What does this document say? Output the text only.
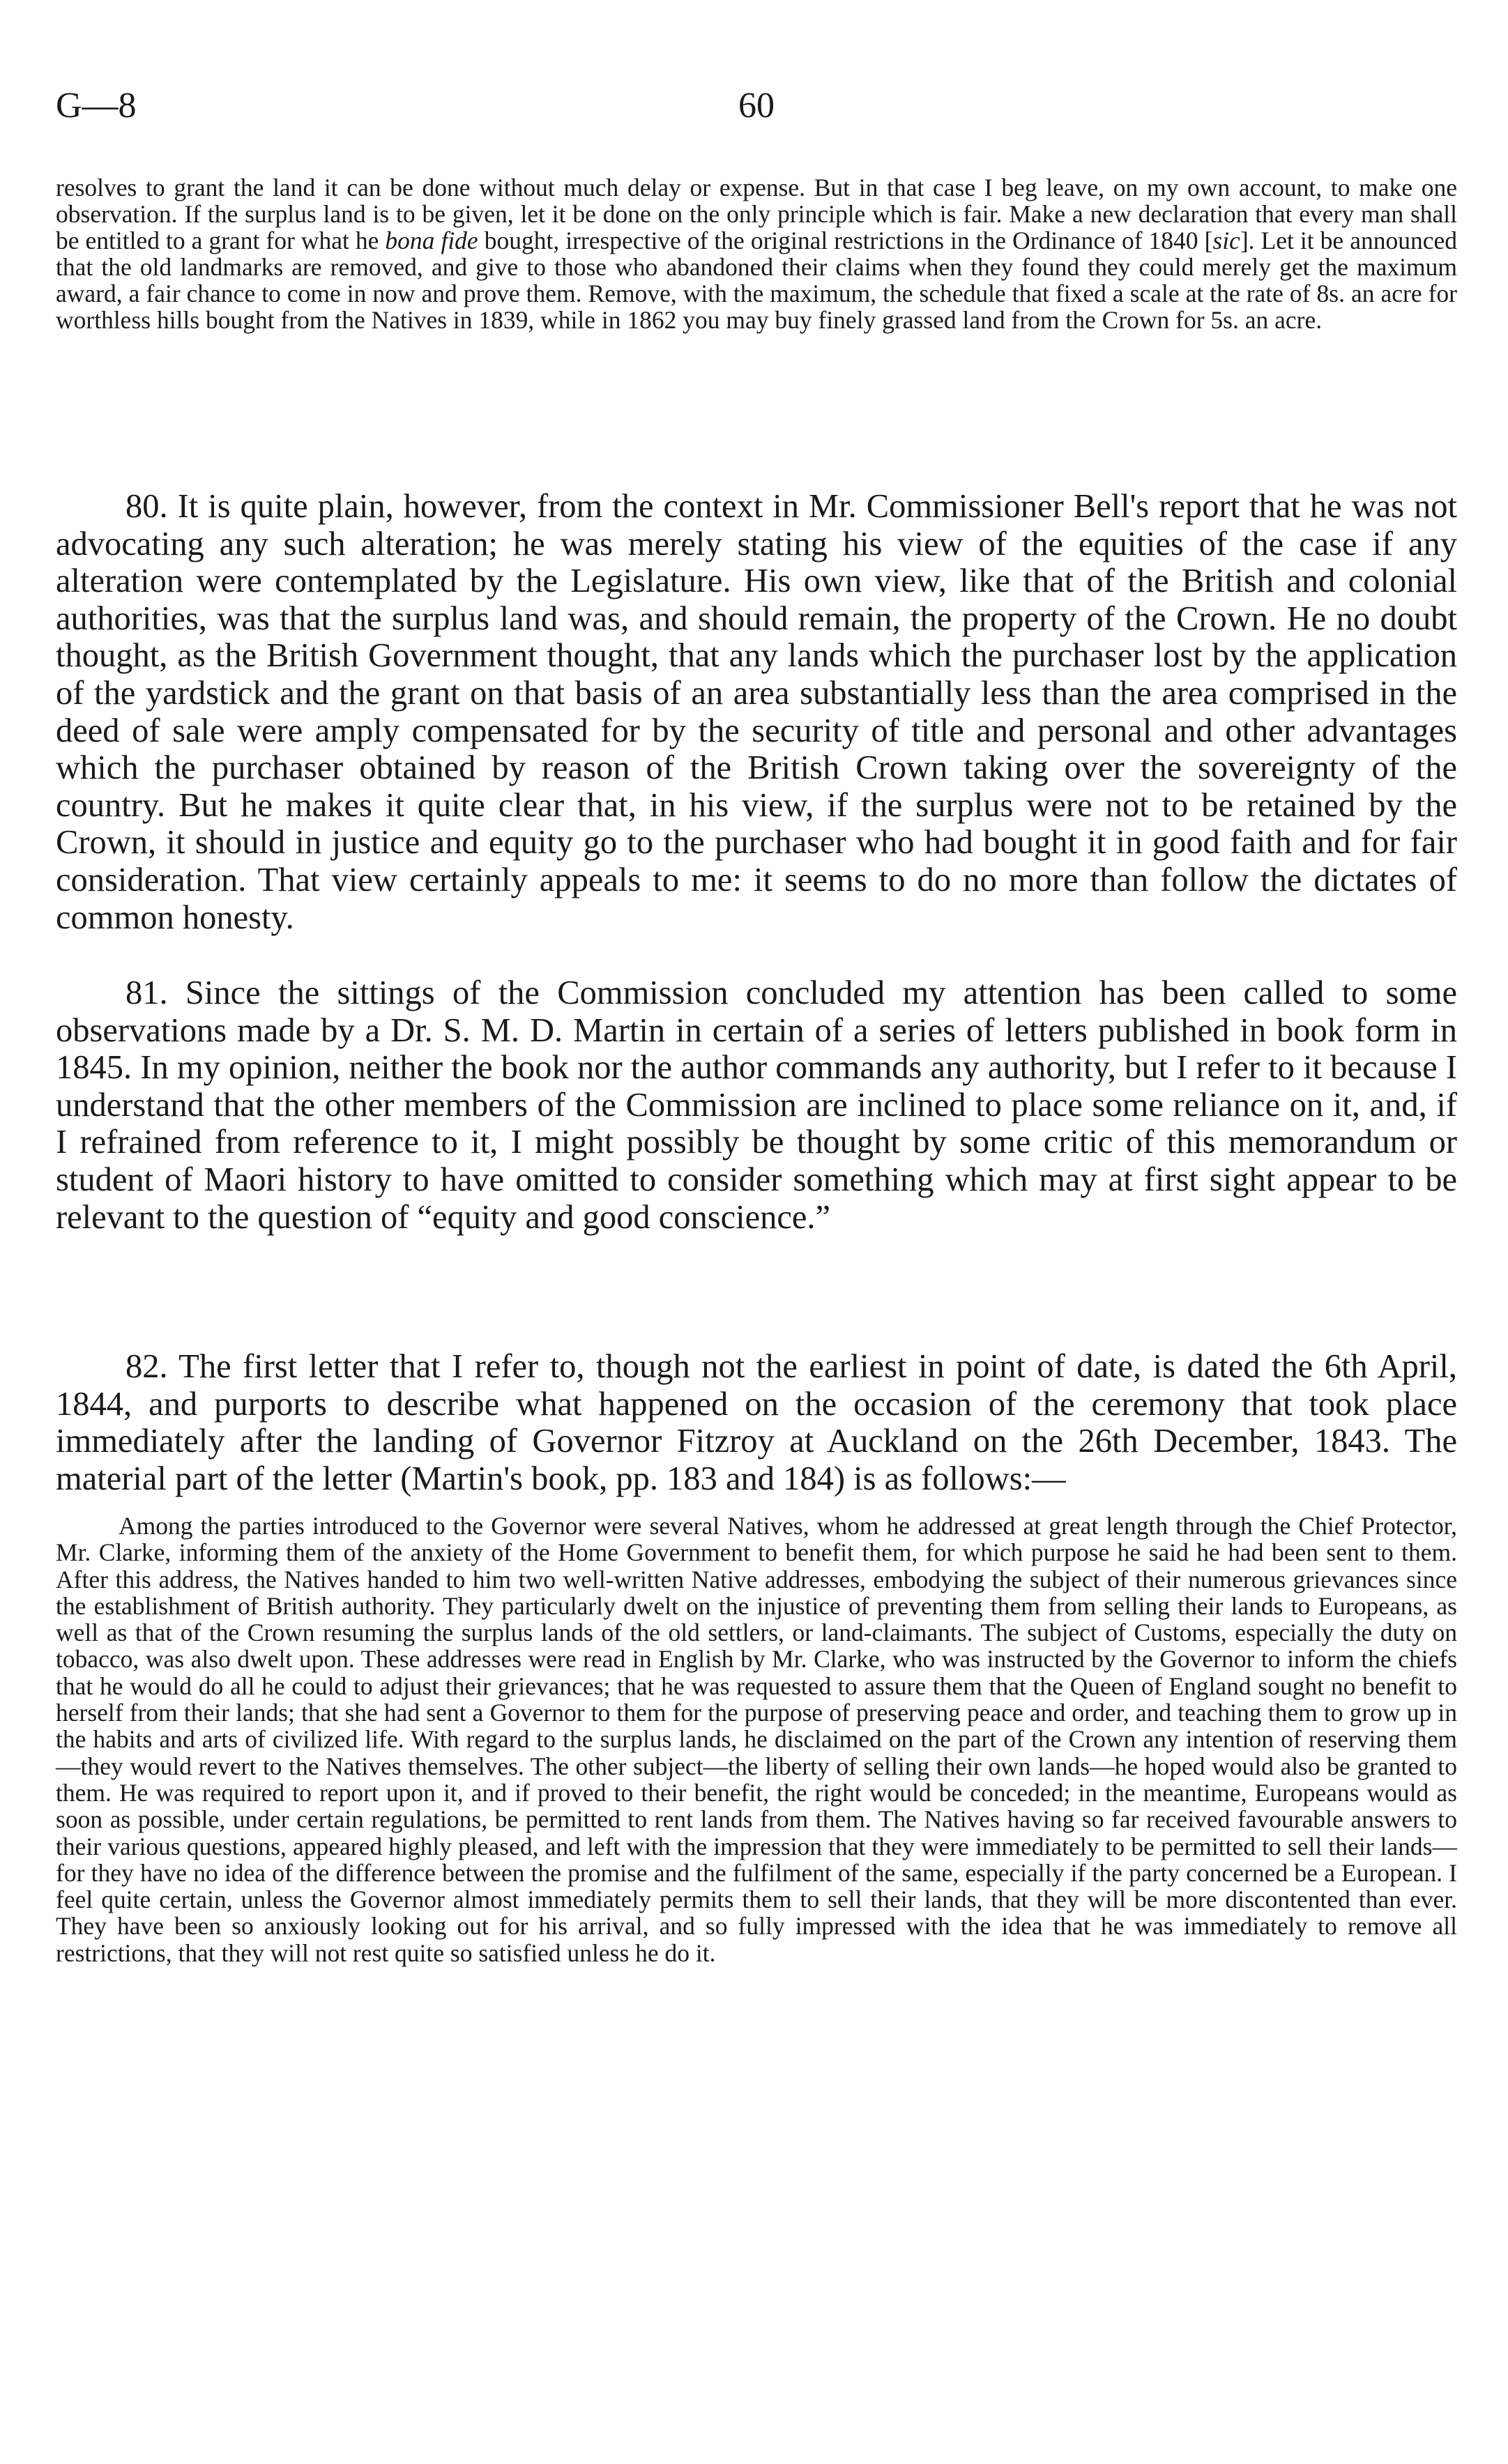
G—8	60

resolves to grant the land it can be done without much delay or expense. But in that case I beg leave, on my own account, to make one observation. If the surplus land is to be given, let it be done on the only principle which is fair. Make a new declaration that every man shall be entitled to a grant for what he bona fide bought, irrespective of the original restrictions in the Ordinance of 1840 [sic]. Let it be announced that the old landmarks are removed, and give to those who abandoned their claims when they found they could merely get the maximum award, a fair chance to come in now and prove them. Remove, with the maximum, the schedule that fixed a scale at the rate of 8s. an acre for worthless hills bought from the Natives in 1839, while in 1862 you may buy finely grassed land from the Crown for 5s. an acre.

80. It is quite plain, however, from the context in Mr. Commissioner Bell's report that he was not advocating any such alteration; he was merely stating his view of the equities of the case if any alteration were contemplated by the Legislature. His own view, like that of the British and colonial authorities, was that the surplus land was, and should remain, the property of the Crown. He no doubt thought, as the British Government thought, that any lands which the purchaser lost by the application of the yardstick and the grant on that basis of an area substantially less than the area comprised in the deed of sale were amply compensated for by the security of title and personal and other advantages which the purchaser obtained by reason of the British Crown taking over the sovereignty of the country. But he makes it quite clear that, in his view, if the surplus were not to be retained by the Crown, it should in justice and equity go to the purchaser who had bought it in good faith and for fair consideration. That view certainly appeals to me: it seems to do no more than follow the dictates of common honesty.

81. Since the sittings of the Commission concluded my attention has been called to some observations made by a Dr. S. M. D. Martin in certain of a series of letters published in book form in 1845. In my opinion, neither the book nor the author commands any authority, but I refer to it because I understand that the other members of the Commission are inclined to place some reliance on it, and, if I refrained from reference to it, I might possibly be thought by some critic of this memorandum or student of Maori history to have omitted to consider something which may at first sight appear to be relevant to the question of “equity and good conscience.”

82. The first letter that I refer to, though not the earliest in point of date, is dated the 6th April, 1844, and purports to describe what happened on the occasion of the ceremony that took place immediately after the landing of Governor Fitzroy at Auckland on the 26th December, 1843. The material part of the letter (Martin's book, pp. 183 and 184) is as follows:—

Among the parties introduced to the Governor were several Natives, whom he addressed at great length through the Chief Protector, Mr. Clarke, informing them of the anxiety of the Home Government to benefit them, for which purpose he said he had been sent to them. After this address, the Natives handed to him two well-written Native addresses, embodying the subject of their numerous grievances since the establishment of British authority. They particularly dwelt on the injustice of preventing them from selling their lands to Europeans, as well as that of the Crown resuming the surplus lands of the old settlers, or land-claimants. The subject of Customs, especially the duty on tobacco, was also dwelt upon. These addresses were read in English by Mr. Clarke, who was instructed by the Governor to inform the chiefs that he would do all he could to adjust their grievances; that he was requested to assure them that the Queen of England sought no benefit to herself from their lands; that she had sent a Governor to them for the purpose of preserving peace and order, and teaching them to grow up in the habits and arts of civilized life. With regard to the surplus lands, he disclaimed on the part of the Crown any intention of reserving them—they would revert to the Natives themselves. The other subject—the liberty of selling their own lands—he hoped would also be granted to them. He was required to report upon it, and if proved to their benefit, the right would be conceded; in the meantime, Europeans would as soon as possible, under certain regulations, be permitted to rent lands from them. The Natives having so far received favourable answers to their various questions, appeared highly pleased, and left with the impression that they were immediately to be permitted to sell their lands—for they have no idea of the difference between the promise and the fulfilment of the same, especially if the party concerned be a European. I feel quite certain, unless the Governor almost immediately permits them to sell their lands, that they will be more discontented than ever. They have been so anxiously looking out for his arrival, and so fully impressed with the idea that he was immediately to remove all restrictions, that they will not rest quite so satisfied unless he do it.
